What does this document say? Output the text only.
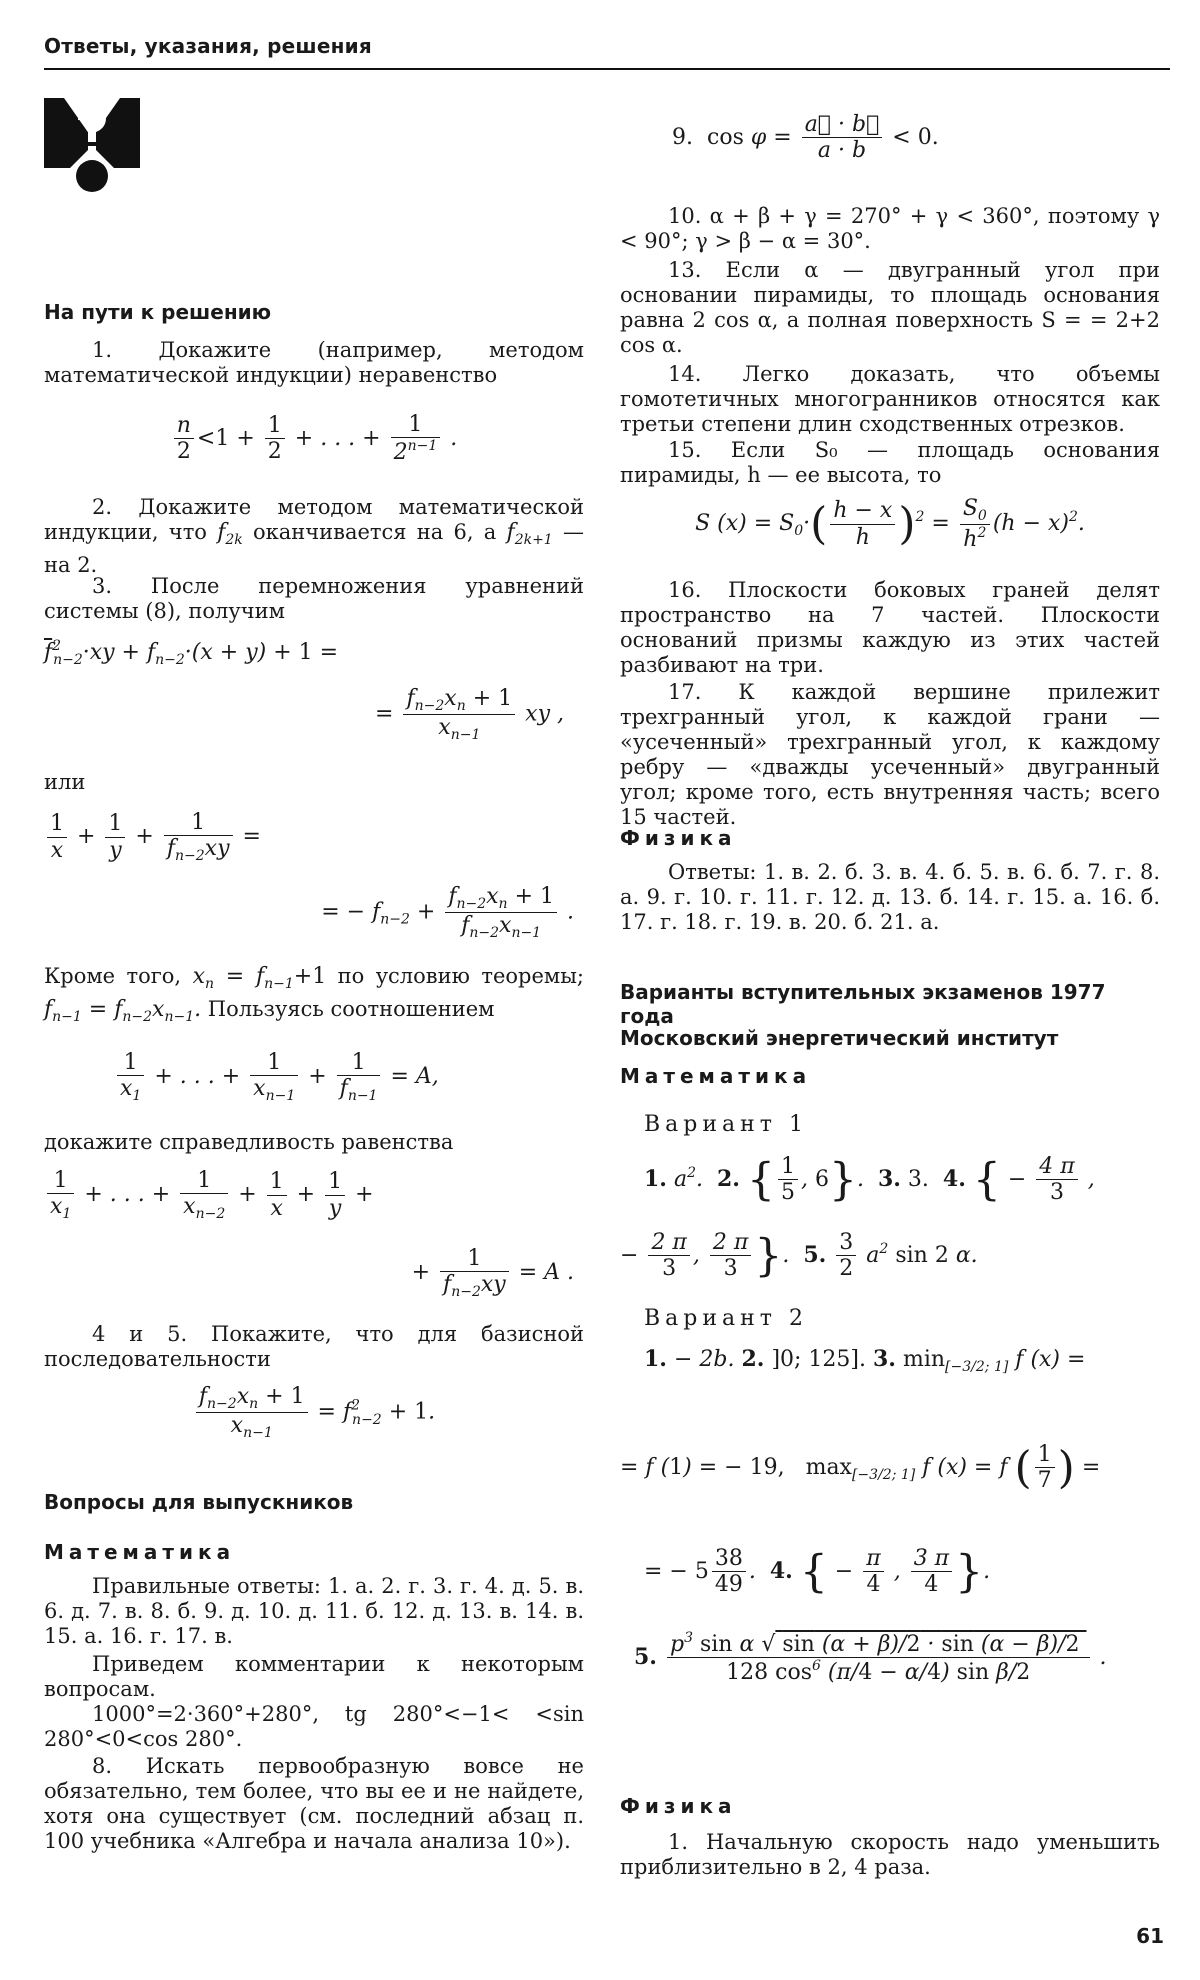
Ответы, указания, решения
На пути к решению

1. Докажите (например, методом математической индукции) неравенство

$\frac{n}{2} <1 + \frac{1}{2}$ + . . . + $\frac{1}{2^{n-1}}$ .

2. Докажите методом математической индукции, что $f_{2k}$ оканчивается на 6, а $f_{2k+1}$ — на 2.

3. После перемножения уравнений системы (8), получим

$\overline{f}^2_{n-2}\cdot xy + f_{n-2}\cdot(x + y) + 1$ =
= $\frac{f_{n-2}x_n + 1}{x_{n-1}}$ xy ,

или

$\frac{1}{x} + \frac{1}{y} + \frac{1}{f_{n-2}xy}$ =
= − $f_{n-2} + \frac{f_{n-2}x_n + 1}{f_{n-2}x_{n-1}}$ .

Кроме того, $x_n = f_{n-1}+1$ по условию теоремы; $f_{n-1} = f_{n-2}x_{n-1}$. Пользуясь соотношением

$\frac{1}{x_1}$ + . . . + $\frac{1}{x_{n-1}} + \frac{1}{f_{n-1}} = A$,

докажите справедливость равенства

$\frac{1}{x_1}$ + . . . + $\frac{1}{x_{n-2}} + \frac{1}{x} + \frac{1}{y}$ +
+ $\frac{1}{f_{n-2}xy} = A$ .

4 и 5. Покажите, что для базисной последовательности

$\frac{f_{n-2}x_n + 1}{x_{n-1}} = f^2_{n-2} + 1$.
Вопросы для выпускников
Математика

Правильные ответы: 1. а. 2. г. 3. г. 4. д. 5. в. 6. д. 7. в. 8. б. 9. д. 10. д. 11. б. 12. д. 13. в. 14. в. 15. а. 16. г. 17. в.

Приведем комментарии к некоторым вопросам.

1000°=2·360°+280°, tg 280°<−1< <sin 280°<0<cos 280°.

8. Искать первообразную вовсе не обязательно, тем более, что вы ее и не найдете, хотя она существует (см. последний абзац п. 100 учебника «Алгебра и начала анализа 10»).

9. $\cos \varphi = \frac{a⃗ \cdot b⃗}{a \cdot b} < 0$.

10. α + β + γ = 270° + γ < 360°, поэтому γ < 90°; γ > β − α = 30°.

13. Если α — двугранный угол при основании пирамиды, то площадь основания равна 2 cos α, а полная поверхность S = = 2+2 cos α.

14. Легко доказать, что объемы гомотетичных многогранников относятся как третьи степени длин сходственных отрезков.

15. Если S₀ — площадь основания пирамиды, h — ее высота, то

S $(x) = S_0\cdot( \frac{h - x}{h} )^2 = \frac{S_0}{h^2} (h - x)^2$.

16. Плоскости боковых граней делят пространство на 7 частей. Плоскости оснований призмы каждую из этих частей разбивают на три.

17. К каждой вершине прилежит трехгранный угол, к каждой грани — «усеченный» трехгранный угол, к каждому ребру — «дважды усеченный» двугранный угол; кроме того, есть внутренняя часть; всего 15 частей.

Физика

Ответы: 1. в. 2. б. 3. в. 4. б. 5. в. 6. б. 7. г. 8. а. 9. г. 10. г. 11. г. 12. д. 13. б. 14. г. 15. а. 16. б. 17. г. 18. г. 19. в. 20. б. 21. а.

Варианты вступительных экзаменов 1977 года
Московский энергетический институт
Математика
Вариант 1
1. $a^2$.  2. { $\frac{1}{5}$ , 6}.  3. 3. 4. { − $\frac{4 \pi}{3}$ ,
− $\frac{2 \pi}{3}$ , $\frac{2 \pi}{3}$ }.  5. $\frac{3}{2} a^2$ sin 2 α.
Вариант 2
1. − 2b. 2. ]0; 125]. 3. $\min_{[-3/2; 1]} f$ (x) =
= f (1) = − 19, $\max_{[-3/2; 1]} f$ (x) = f ( $\frac{1}{7}$ ) =
= − $5 \frac{38}{49}$ .  4. { − $\frac{\pi}{4}$ , $\frac{3 \pi}{4}$ }.
5. $\frac{p^3 \sin \alpha √ \sin (\alpha + \beta)/2 \cdot \sin (\alpha - \beta)/2}{128 \cos^6 (\pi/4 - \alpha/4) \sin \beta/2}$ .
Физика

1. Начальную скорость надо уменьшить приблизительно в 2, 4 раза.

61
